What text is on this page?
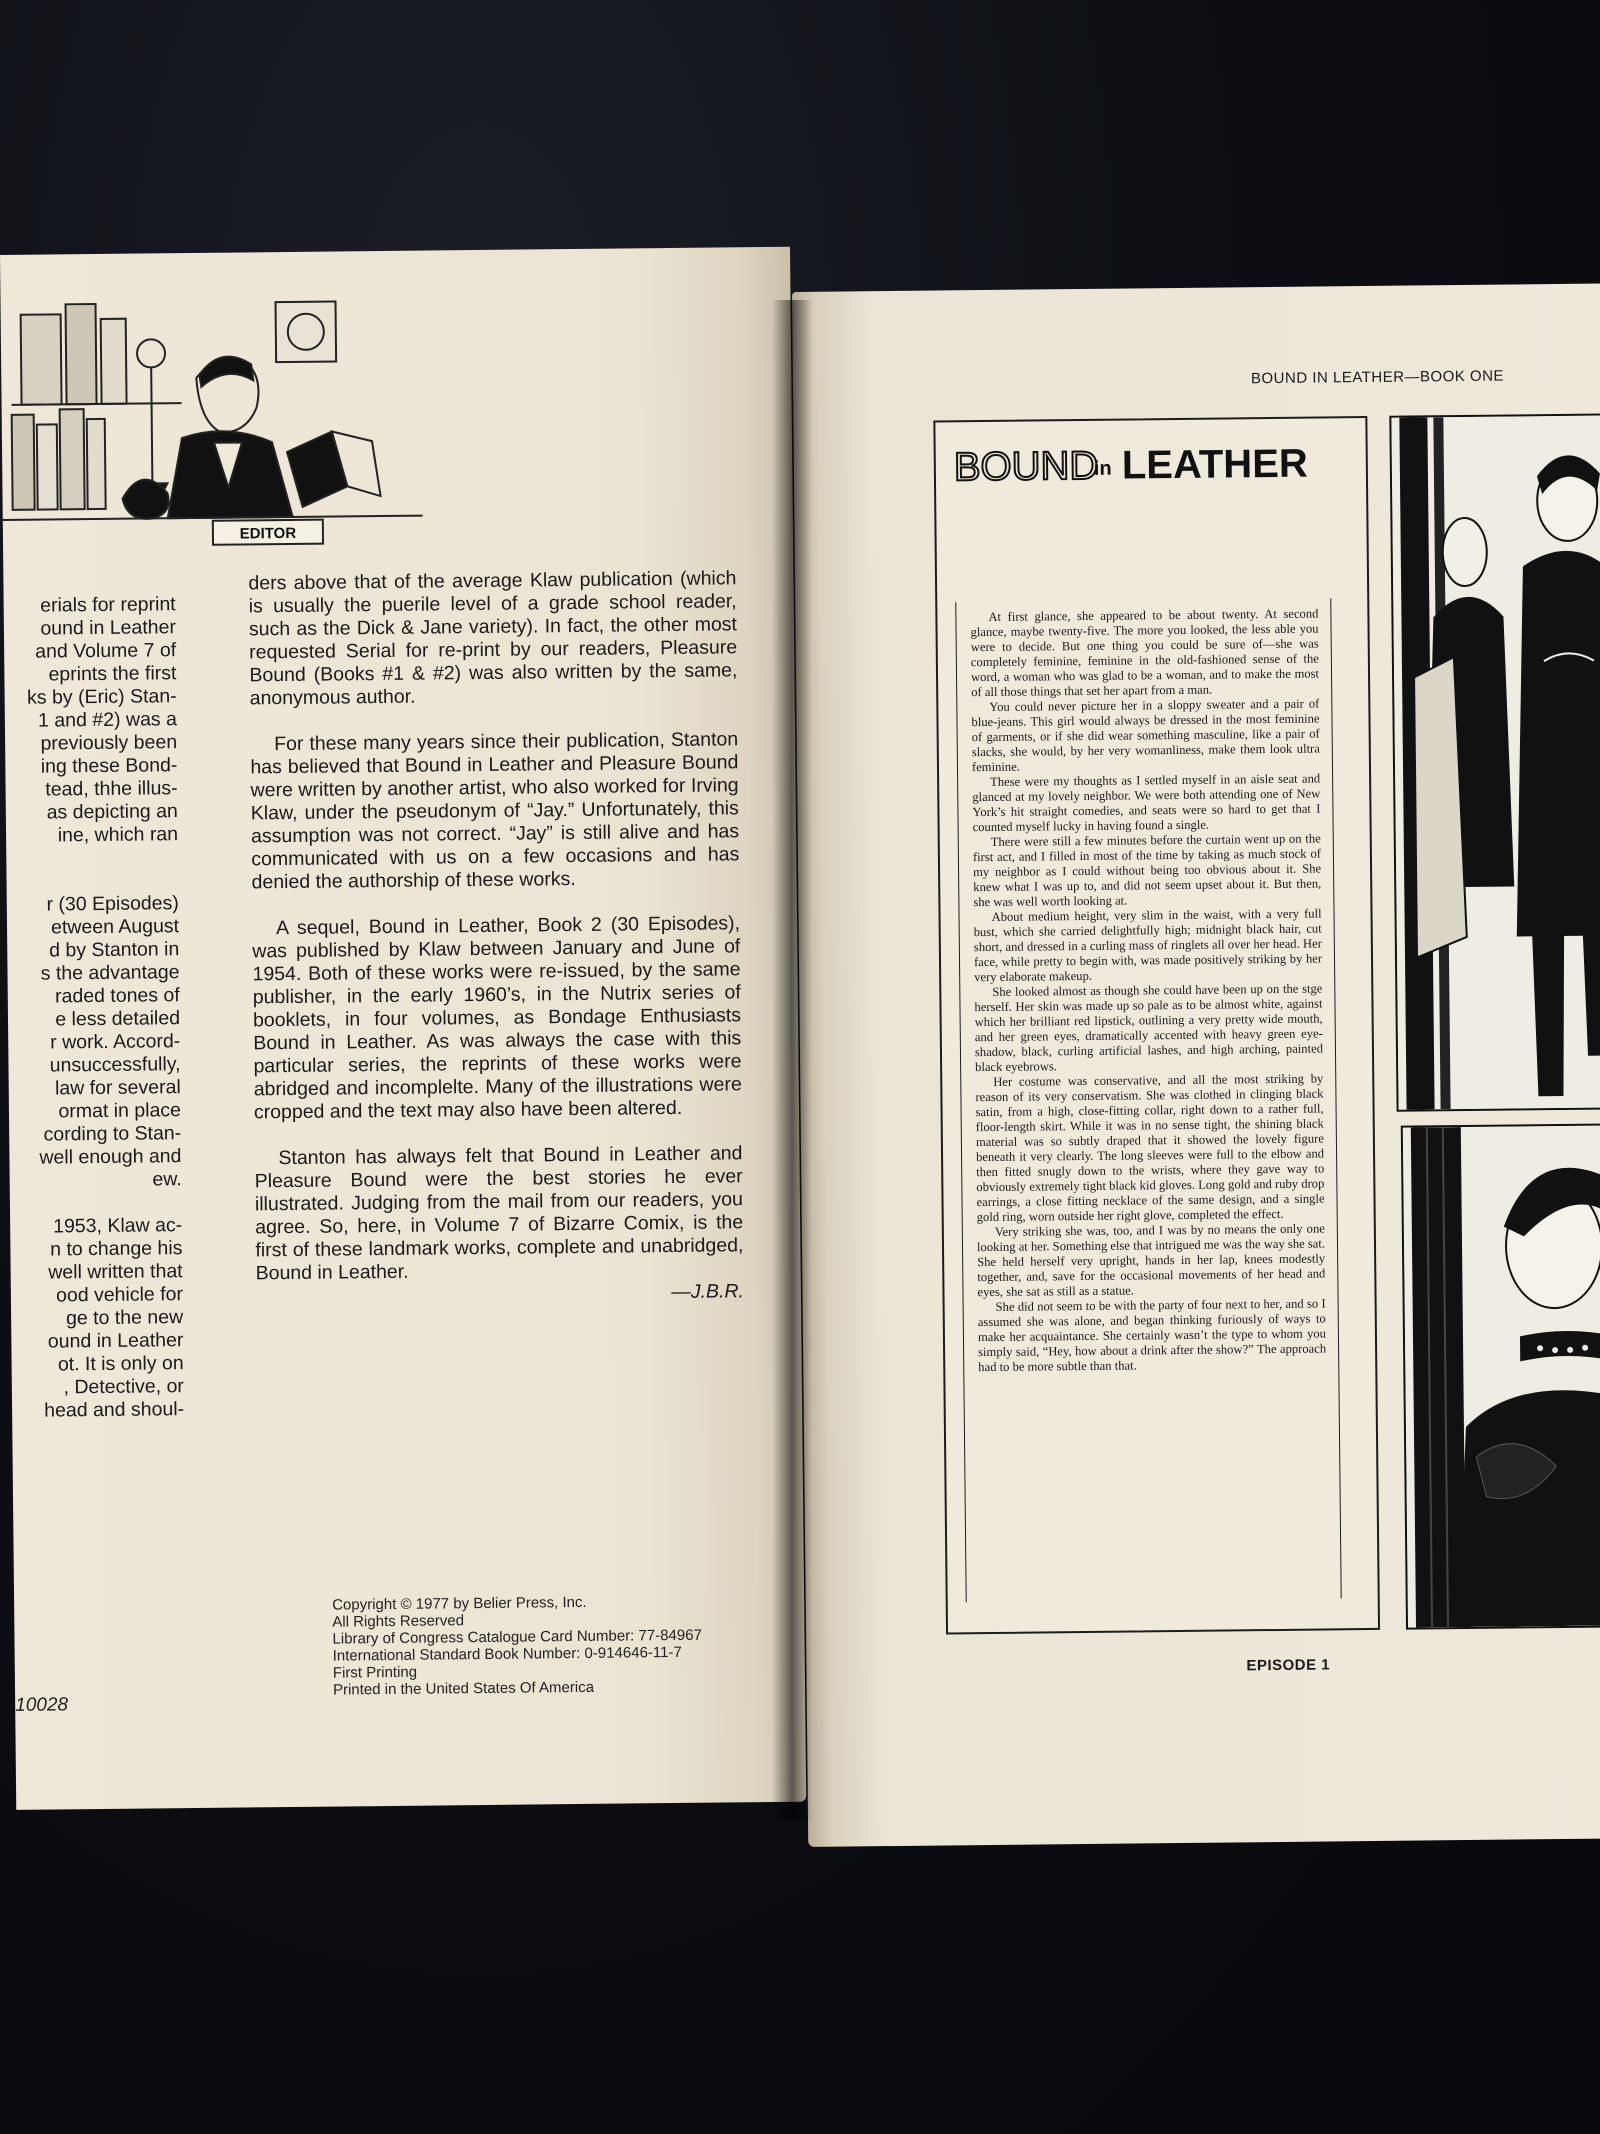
EDITOR

erials for reprint

ound in Leather

and Volume 7 of

eprints the first

ks by (Eric) Stan-

1 and #2) was a

previously been

ing these Bond-

tead, thhe illus-

as depicting an

ine, which ran

r (30 Episodes)

etween August

d by Stanton in

s the advantage

raded tones of

e less detailed

r work. Accord-

unsuccessfully,

law for several

ormat in place

cording to Stan-

well enough and

ew.

1953, Klaw ac-

n to change his

well written that

ood vehicle for

ge to the new

ound in Leather

ot. It is only on

, Detective, or

head and shoul-

ders above that of the average Klaw publication (which is usually the puerile level of a grade school reader, such as the Dick & Jane variety). In fact, the other most requested Serial for re-print by our readers, Pleasure Bound (Books #1 & #2) was also written by the same, anonymous author.

For these many years since their publication, Stanton has believed that Bound in Leather and Pleasure Bound were written by another artist, who also worked for Irving Klaw, under the pseudonym of “Jay.” Unfortunately, this assumption was not correct. “Jay” is still alive and has communicated with us on a few occasions and has denied the authorship of these works.

A sequel, Bound in Leather, Book 2 (30 Episodes), was published by Klaw between January and June of 1954. Both of these works were re-issued, by the same publisher, in the early 1960’s, in the Nutrix series of booklets, in four volumes, as Bondage Enthusiasts Bound in Leather. As was always the case with this particular series, the reprints of these works were abridged and incomplelte. Many of the illustrations were cropped and the text may also have been altered.

Stanton has always felt that Bound in Leather and Pleasure Bound were the best stories he ever illustrated. Judging from the mail from our readers, you agree. So, here, in Volume 7 of Bizarre Comix, is the first of these landmark works, complete and unabridged, Bound in Leather.

—J.B.R.

Copyright © 1977 by Belier Press, Inc.
All Rights Reserved
Library of Congress Catalogue Card Number: 77-84967
International Standard Book Number: 0-914646-11-7
First Printing
Printed in the United States Of America
10028
BOUND IN LEATHER—BOOK ONE
BOUND
in LEATHER

At first glance, she appeared to be about twenty. At second glance, maybe twenty-five. The more you looked, the less able you were to decide. But one thing you could be sure of—she was completely feminine, feminine in the old-fashioned sense of the word, a woman who was glad to be a woman, and to make the most of all those things that set her apart from a man.

You could never picture her in a sloppy sweater and a pair of blue-jeans. This girl would always be dressed in the most feminine of garments, or if she did wear something masculine, like a pair of slacks, she would, by her very womanliness, make them look ultra feminine.

These were my thoughts as I settled myself in an aisle seat and glanced at my lovely neighbor. We were both attending one of New York’s hit straight comedies, and seats were so hard to get that I counted myself lucky in having found a single.

There were still a few minutes before the curtain went up on the first act, and I filled in most of the time by taking as much stock of my neighbor as I could without being too obvious about it. She knew what I was up to, and did not seem upset about it. But then, she was well worth looking at.

About medium height, very slim in the waist, with a very full bust, which she carried delightfully high; midnight black hair, cut short, and dressed in a curling mass of ringlets all over her head. Her face, while pretty to begin with, was made positively striking by her very elaborate makeup.

She looked almost as though she could have been up on the stge herself. Her skin was made up so pale as to be almost white, against which her brilliant red lipstick, outlining a very pretty wide mouth, and her green eyes, dramatically accented with heavy green eye-shadow, black, curling artificial lashes, and high arching, painted black eyebrows.

Her costume was conservative, and all the most striking by reason of its very conservatism. She was clothed in clinging black satin, from a high, close-fitting collar, right down to a rather full, floor-length skirt. While it was in no sense tight, the shining black material was so subtly draped that it showed the lovely figure beneath it very clearly. The long sleeves were full to the elbow and then fitted snugly down to the wrists, where they gave way to obviously extremely tight black kid gloves. Long gold and ruby drop earrings, a close fitting necklace of the same design, and a single gold ring, worn outside her right glove, completed the effect.

Very striking she was, too, and I was by no means the only one looking at her. Something else that intrigued me was the way she sat. She held herself very upright, hands in her lap, knees modestly together, and, save for the occasional movements of her head and eyes, she sat as still as a statue.

She did not seem to be with the party of four next to her, and so I assumed she was alone, and began thinking furiously of ways to make her acquaintance. She certainly wasn’t the type to whom you simply said, “Hey, how about a drink after the show?” The approach had to be more subtle than that.

EPISODE 1
